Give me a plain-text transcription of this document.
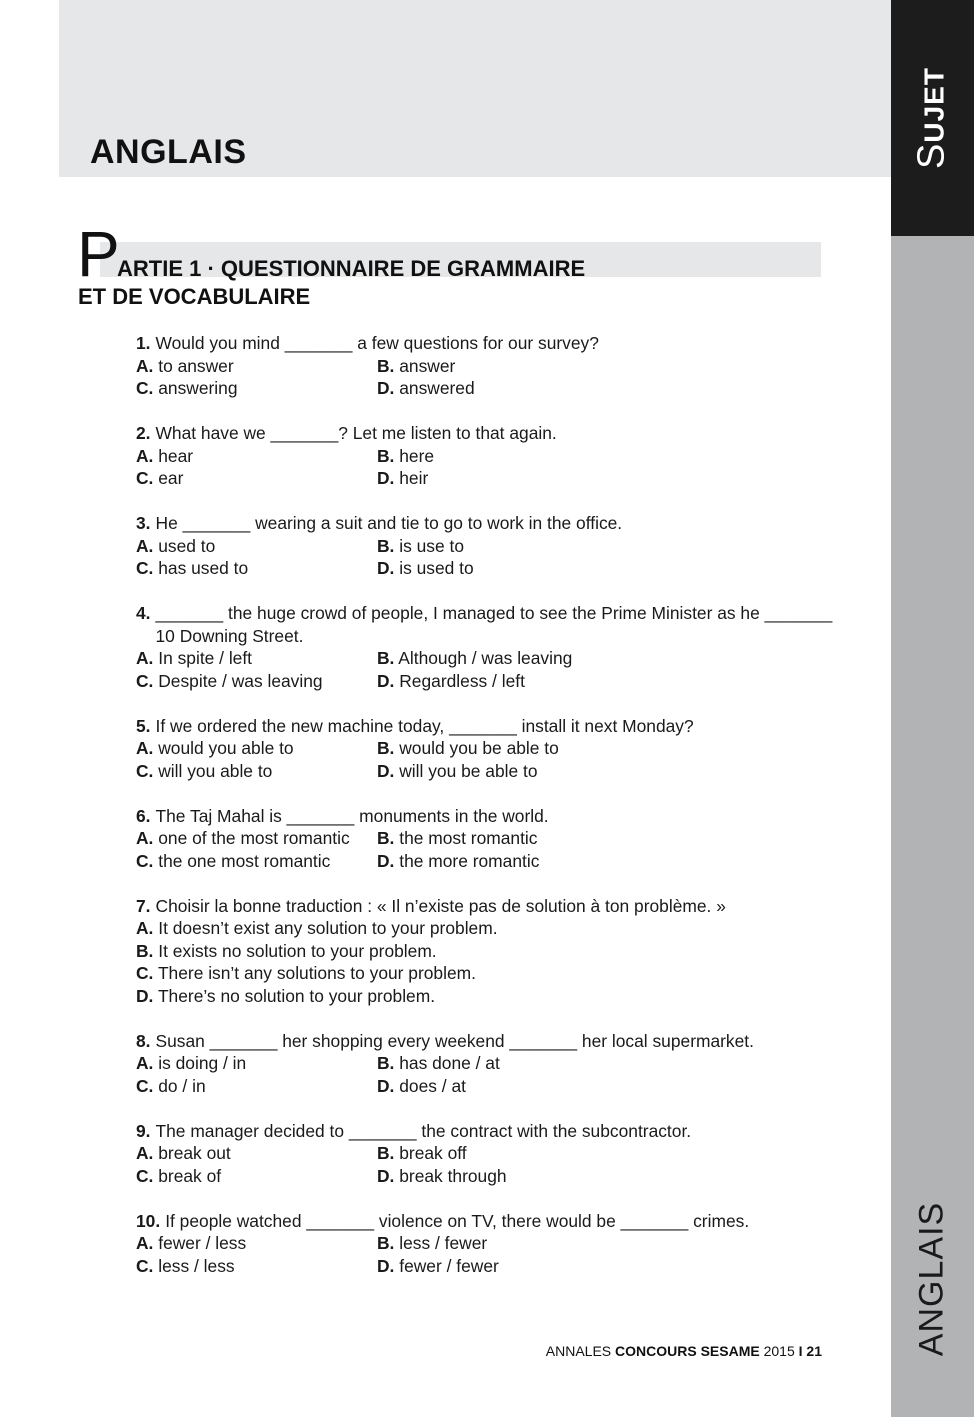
ANGLAIS	SUJET
ANGLAIS
P
ARTIE 1 · QUESTIONNAIRE DE GRAMMAIRE
ET DE VOCABULAIRE
1. Would you mind _______ a few questions for our survey?
A. to answer	B. answer
C. answering	D. answered
2. What have we _______? Let me listen to that again.
A. hear	B. here
C. ear	D. heir
3. He _______ wearing a suit and tie to go to work in the office.
A. used to	B. is use to
C. has used to	D. is used to
4. _______ the huge crowd of people, I managed to see the Prime Minister as he _______ 10 Downing Street.
A. In spite / left	B. Although / was leaving
C. Despite / was leaving	D. Regardless / left
5. If we ordered the new machine today, _______ install it next Monday?
A. would you able to	B. would you be able to
C. will you able to	D. will you be able to
6. The Taj Mahal is _______ monuments in the world.
A. one of the most romantic	B. the most romantic
C. the one most romantic	D. the more romantic
7. Choisir la bonne traduction : « Il n’existe pas de solution à ton problème. »
A. It doesn’t exist any solution to your problem.
B. It exists no solution to your problem.
C. There isn’t any solutions to your problem.
D. There’s no solution to your problem.
8. Susan _______ her shopping every weekend _______ her local supermarket.
A. is doing / in	B. has done / at
C. do / in	D. does / at
9. The manager decided to _______ the contract with the subcontractor.
A. break out	B. break off
C. break of	D. break through
10. If people watched _______ violence on TV, there would be _______ crimes.
A. fewer / less	B. less / fewer
C. less / less	D. fewer / fewer
ANNALES CONCOURS SESAME 2015 I 21
